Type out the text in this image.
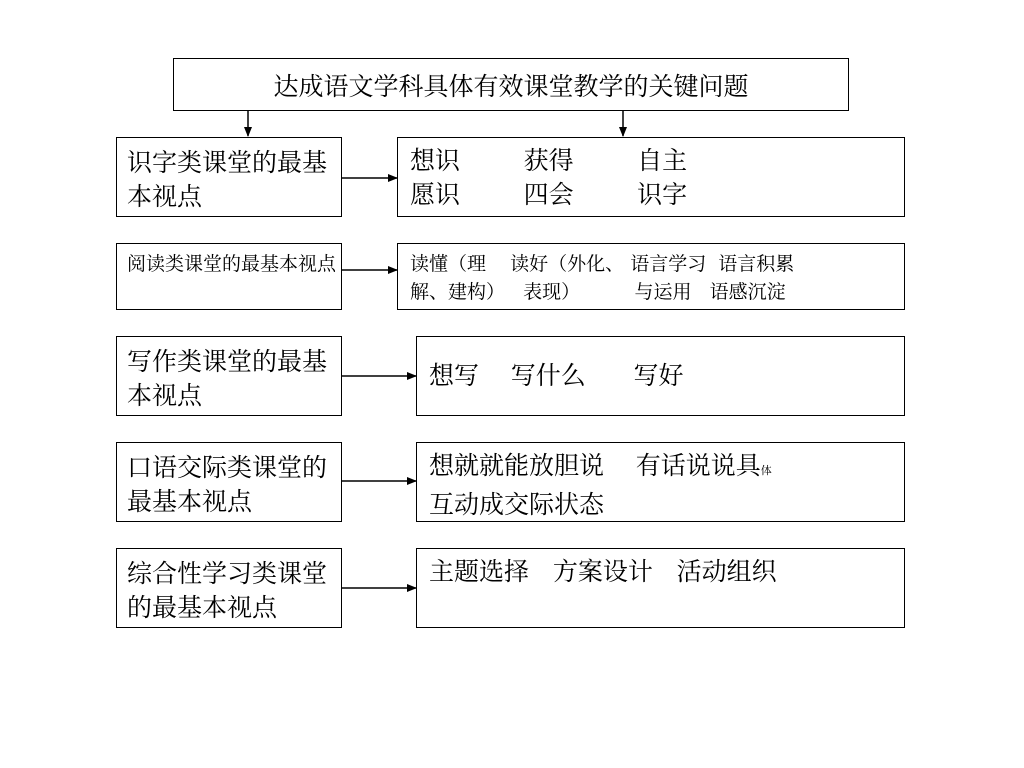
达成语文学科具体有效课堂教学的关键问题
识字类课堂的最基本视点
想识        获得        自主
愿识        四会        识字
阅读类课堂的最基本视点	读懂（理    读好（外化、 语言学习  语言积累
解、建构）   表现）         与运用   语感沉淀
写作类课堂的最基本视点
想写    写什么      写好
口语交际类课堂的最基本视点
想就就能放胆说    有话说说具体
互动成交际状态
综合性学习类课堂的最基本视点
主题选择   方案设计   活动组织
